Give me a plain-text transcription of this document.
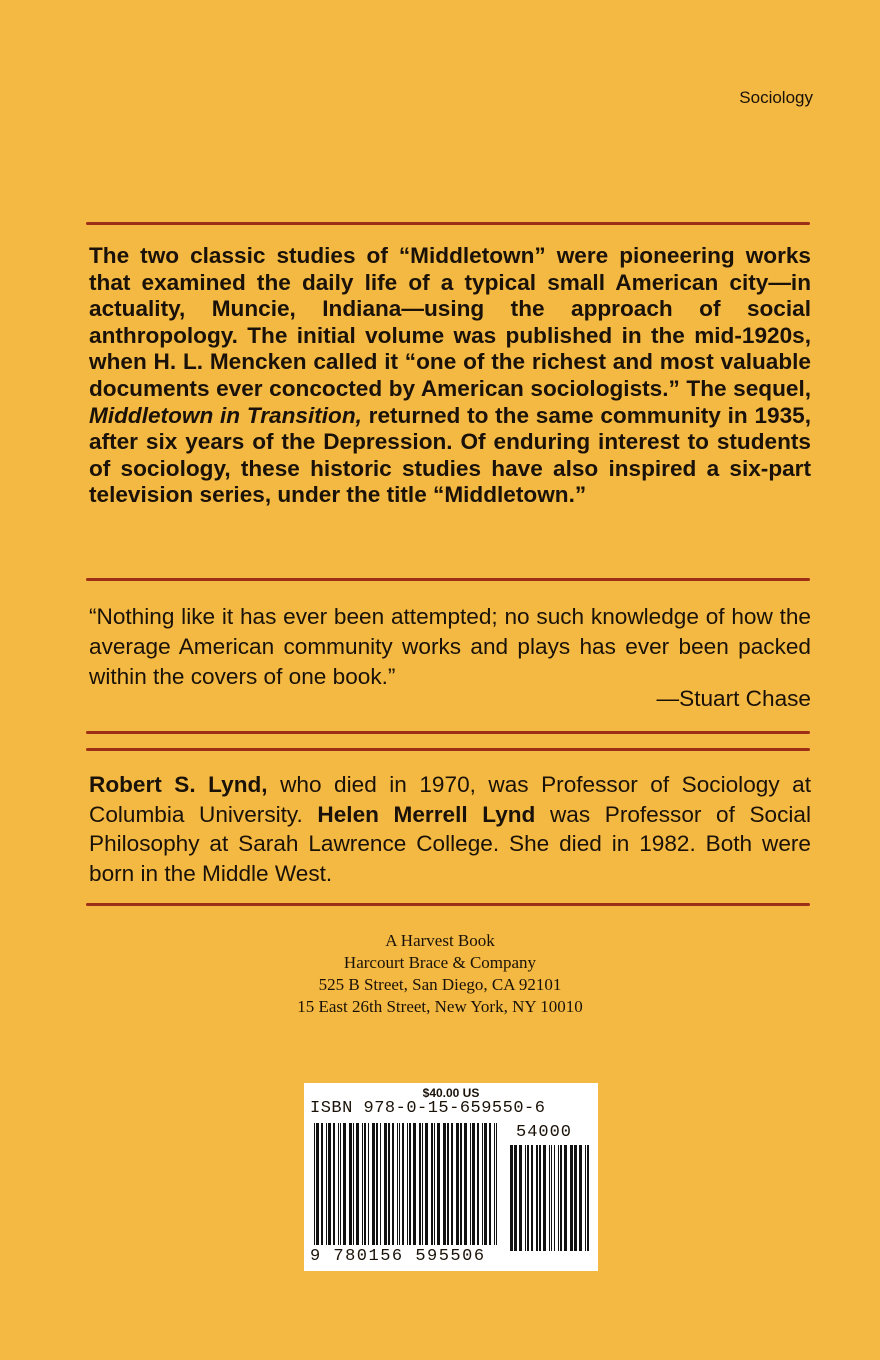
Sociology

The two classic studies of “Middletown” were pioneering works that examined the daily life of a typical small American city—in actuality, Muncie, Indiana—using the approach of social anthropology. The initial volume was published in the mid-1920s, when H. L. Mencken called it “one of the richest and most valuable documents ever concocted by American sociologists.” The sequel, Middletown in Transition, returned to the same community in 1935, after six years of the Depression. Of enduring interest to students of sociology, these historic studies have also inspired a six-part television series, under the title “Middletown.”

“Nothing like it has ever been attempted; no such knowledge of how the average American community works and plays has ever been packed within the covers of one book.”

—Stuart Chase

Robert S. Lynd, who died in 1970, was Professor of Sociology at Columbia University. Helen Merrell Lynd was Professor of Social Philosophy at Sarah Lawrence College. She died in 1982. Both were born in the Middle West.

A Harvest Book
Harcourt Brace & Company
525 B Street, San Diego, CA 92101
15 East 26th Street, New York, NY 10010
$40.00 US
ISBN 978-0-15-659550-6
54000
9 780156 595506
